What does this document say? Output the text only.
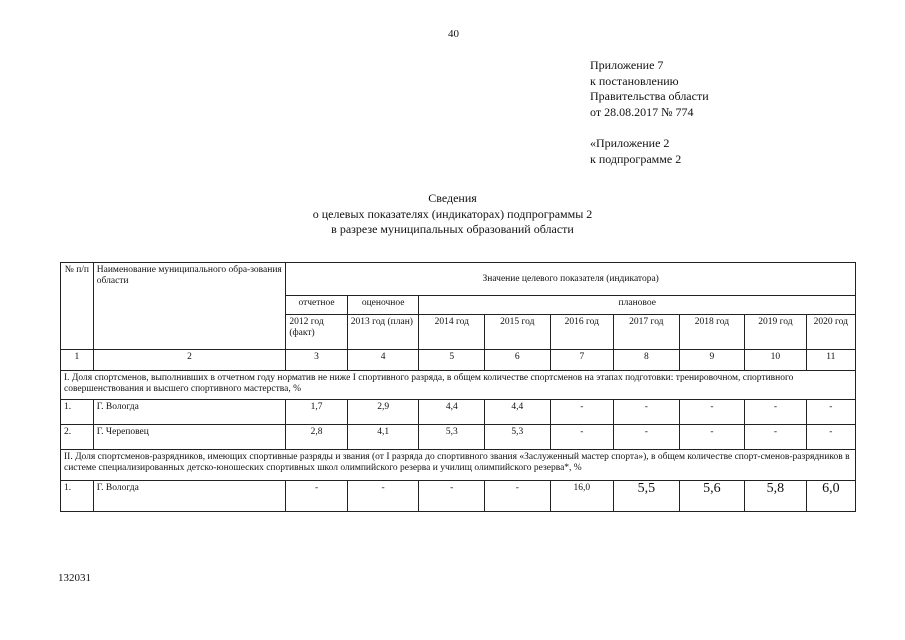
40
Приложение 7
к постановлению
Правительства области
от 28.08.2017 № 774
«Приложение 2
к подпрограмме 2
Сведения
о целевых показателях (индикаторах) подпрограммы 2
в разрезе муниципальных образований области
№ п/п	Наименование муниципального обра-зования области	Значение целевого показателя (индикатора)								
		отчетное	оценочное	плановое						
		2012 год (факт)	2013 год (план)	2014 год	2015 год	2016 год	2017 год	2018 год	2019 год	2020 год
1	2	3	4	5	6	7	8	9	10	11
I. Доля спортсменов, выполнивших в отчетном году норматив не ниже I спортивного разряда, в общем количестве спортсменов на этапах подготовки: тренировочном, спортивного совершенствования и высшего спортивного мастерства, %										
1.	Г. Вологда	1,7	2,9	4,4	4,4	-	-	-	-	-
2.	Г. Череповец	2,8	4,1	5,3	5,3	-	-	-	-	-
II. Доля спортсменов-разрядников, имеющих спортивные разряды и звания (от I разряда до спортивного звания «Заслуженный мастер спорта»), в общем количестве спорт-сменов-разрядников в системе специализированных детско-юношеских спортивных школ олимпийского резерва и училищ олимпийского резерва*, %										
1.	Г. Вологда	-	-	-	-	16,0	5,5	5,6	5,8	6,0
132031
